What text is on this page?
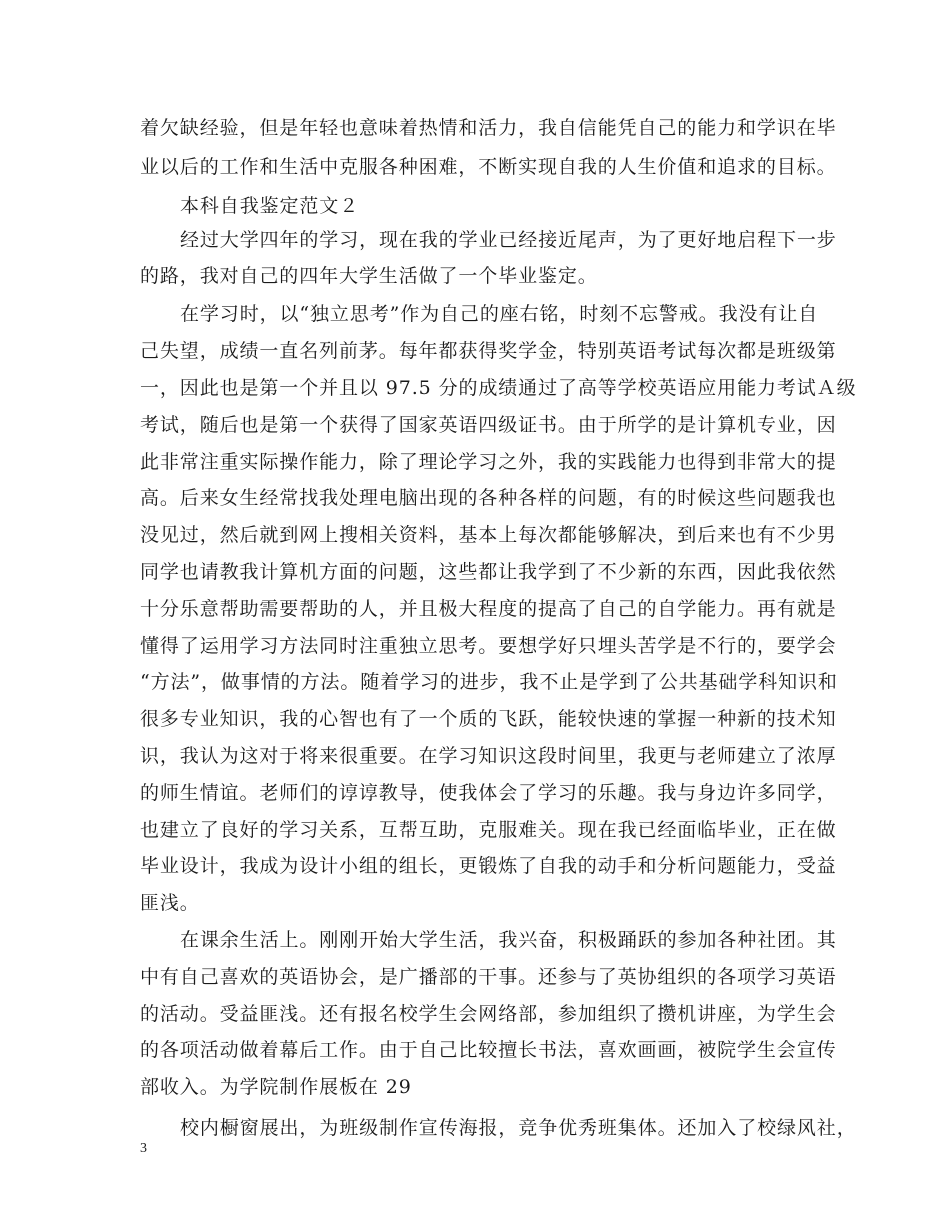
着欠缺经验，但是年轻也意味着热情和活力，我自信能凭自己的能力和学识在毕
业以后的工作和生活中克服各种困难，不断实现自我的人生价值和追求的目标。
本科自我鉴定范文２
经过大学四年的学习，现在我的学业已经接近尾声，为了更好地启程下一步
的路，我对自己的四年大学生活做了一个毕业鉴定。
在学习时，以“独立思考”作为自己的座右铭，时刻不忘警戒。我没有让自
己失望，成绩一直名列前茅。每年都获得奖学金，特别英语考试每次都是班级第
一，因此也是第一个并且以 97.5 分的成绩通过了高等学校英语应用能力考试Ａ级
考试，随后也是第一个获得了国家英语四级证书。由于所学的是计算机专业，因
此非常注重实际操作能力，除了理论学习之外，我的实践能力也得到非常大的提
高。后来女生经常找我处理电脑出现的各种各样的问题，有的时候这些问题我也
没见过，然后就到网上搜相关资料，基本上每次都能够解决，到后来也有不少男
同学也请教我计算机方面的问题，这些都让我学到了不少新的东西，因此我依然
十分乐意帮助需要帮助的人，并且极大程度的提高了自己的自学能力。再有就是
懂得了运用学习方法同时注重独立思考。要想学好只埋头苦学是不行的，要学会
“方法”，做事情的方法。随着学习的进步，我不止是学到了公共基础学科知识和
很多专业知识，我的心智也有了一个质的飞跃，能较快速的掌握一种新的技术知
识，我认为这对于将来很重要。在学习知识这段时间里，我更与老师建立了浓厚
的师生情谊。老师们的谆谆教导，使我体会了学习的乐趣。我与身边许多同学，
也建立了良好的学习关系，互帮互助，克服难关。现在我已经面临毕业，正在做
毕业设计，我成为设计小组的组长，更锻炼了自我的动手和分析问题能力，受益
匪浅。
在课余生活上。刚刚开始大学生活，我兴奋，积极踊跃的参加各种社团。其
中有自己喜欢的英语协会，是广播部的干事。还参与了英协组织的各项学习英语
的活动。受益匪浅。还有报名校学生会网络部，参加组织了攒机讲座，为学生会
的各项活动做着幕后工作。由于自己比较擅长书法，喜欢画画，被院学生会宣传
部收入。为学院制作展板在 29
校内橱窗展出，为班级制作宣传海报，竞争优秀班集体。还加入了校绿风社，
3
